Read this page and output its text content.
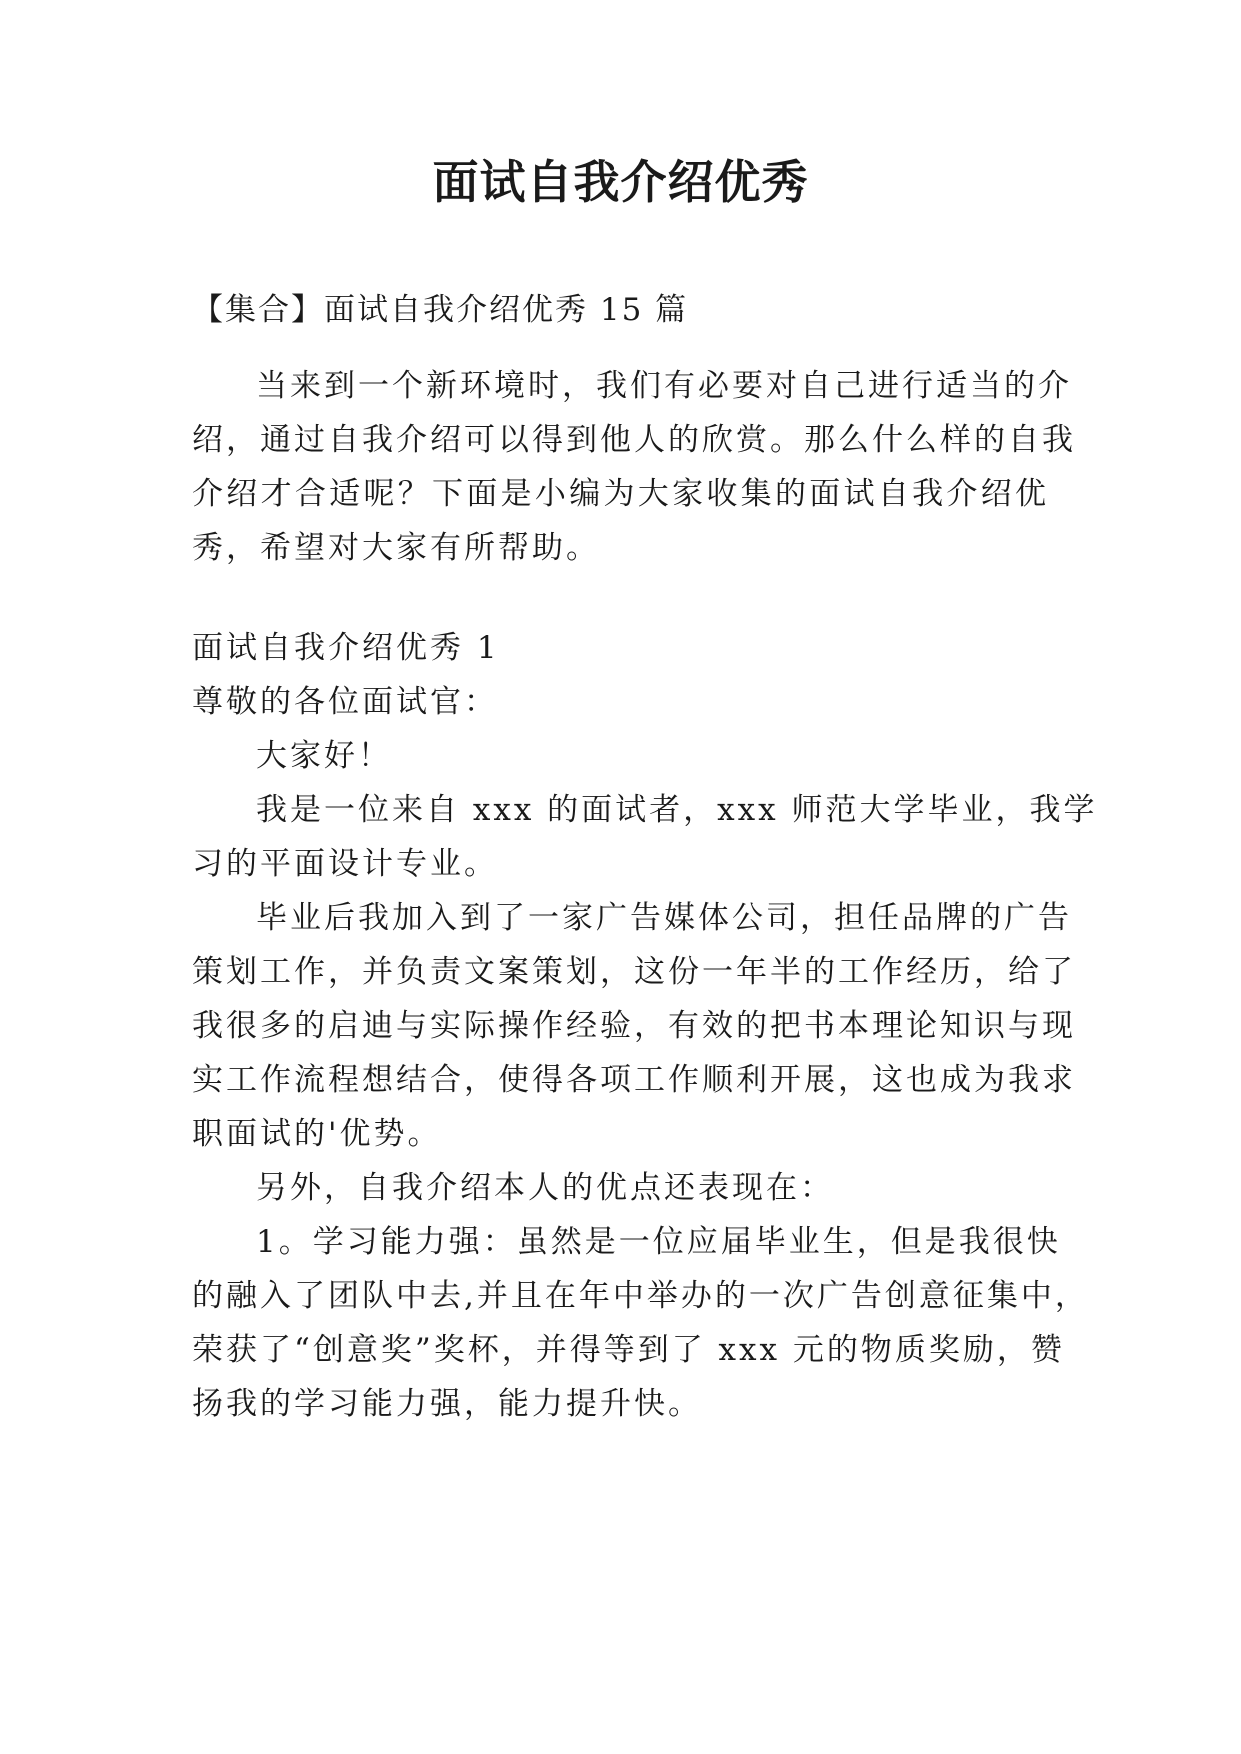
面试自我介绍优秀
【集合】面试自我介绍优秀 15 篇
当来到一个新环境时，我们有必要对自己进行适当的介
绍，通过自我介绍可以得到他人的欣赏。那么什么样的自我
介绍才合适呢？下面是小编为大家收集的面试自我介绍优
秀，希望对大家有所帮助。
面试自我介绍优秀 1
尊敬的各位面试官：
大家好！
我是一位来自 xxx 的面试者，xxx 师范大学毕业，我学
习的平面设计专业。
毕业后我加入到了一家广告媒体公司，担任品牌的广告
策划工作，并负责文案策划，这份一年半的工作经历，给了
我很多的启迪与实际操作经验，有效的把书本理论知识与现
实工作流程想结合，使得各项工作顺利开展，这也成为我求
职面试的'优势。
另外，自我介绍本人的优点还表现在：
1。学习能力强：虽然是一位应届毕业生，但是我很快
的融入了团队中去,并且在年中举办的一次广告创意征集中，
荣获了“创意奖”奖杯，并得等到了 xxx 元的物质奖励，赞
扬我的学习能力强，能力提升快。
